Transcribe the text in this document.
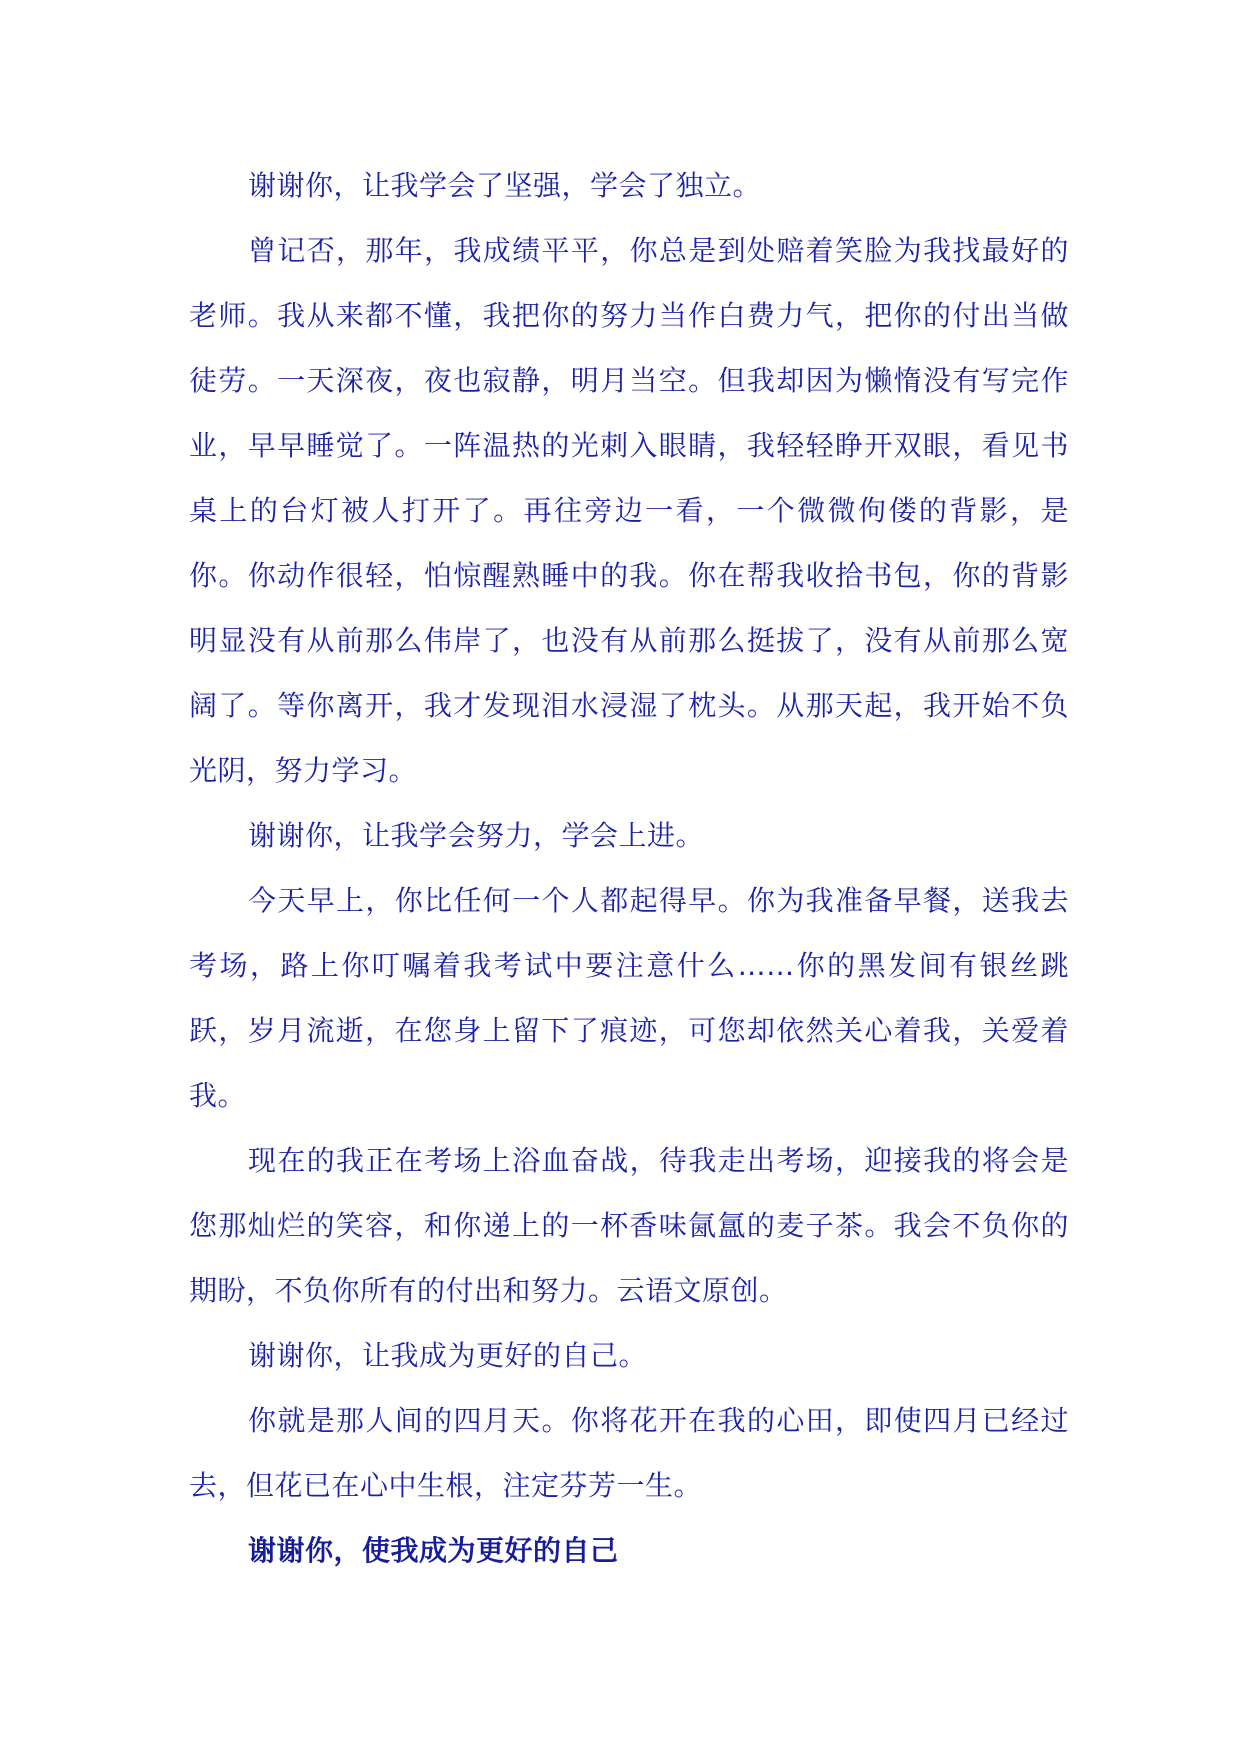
谢谢你，让我学会了坚强，学会了独立。

曾记否，那年，我成绩平平，你总是到处赔着笑脸为我找最好的老师。我从来都不懂，我把你的努力当作白费力气，把你的付出当做徒劳。一天深夜，夜也寂静，明月当空。但我却因为懒惰没有写完作业，早早睡觉了。一阵温热的光刺入眼睛，我轻轻睁开双眼，看见书桌上的台灯被人打开了。再往旁边一看，一个微微佝偻的背影，是你。你动作很轻，怕惊醒熟睡中的我。你在帮我收拾书包，你的背影明显没有从前那么伟岸了，也没有从前那么挺拔了，没有从前那么宽阔了。等你离开，我才发现泪水浸湿了枕头。从那天起，我开始不负光阴，努力学习。

谢谢你，让我学会努力，学会上进。

今天早上，你比任何一个人都起得早。你为我准备早餐，送我去考场，路上你叮嘱着我考试中要注意什么……你的黑发间有银丝跳跃，岁月流逝，在您身上留下了痕迹，可您却依然关心着我，关爱着我。

现在的我正在考场上浴血奋战，待我走出考场，迎接我的将会是您那灿烂的笑容，和你递上的一杯香味氤氲的麦子茶。我会不负你的期盼，不负你所有的付出和努力。云语文原创。

谢谢你，让我成为更好的自己。

你就是那人间的四月天。你将花开在我的心田，即使四月已经过去，但花已在心中生根，注定芬芳一生。

谢谢你，使我成为更好的自己
